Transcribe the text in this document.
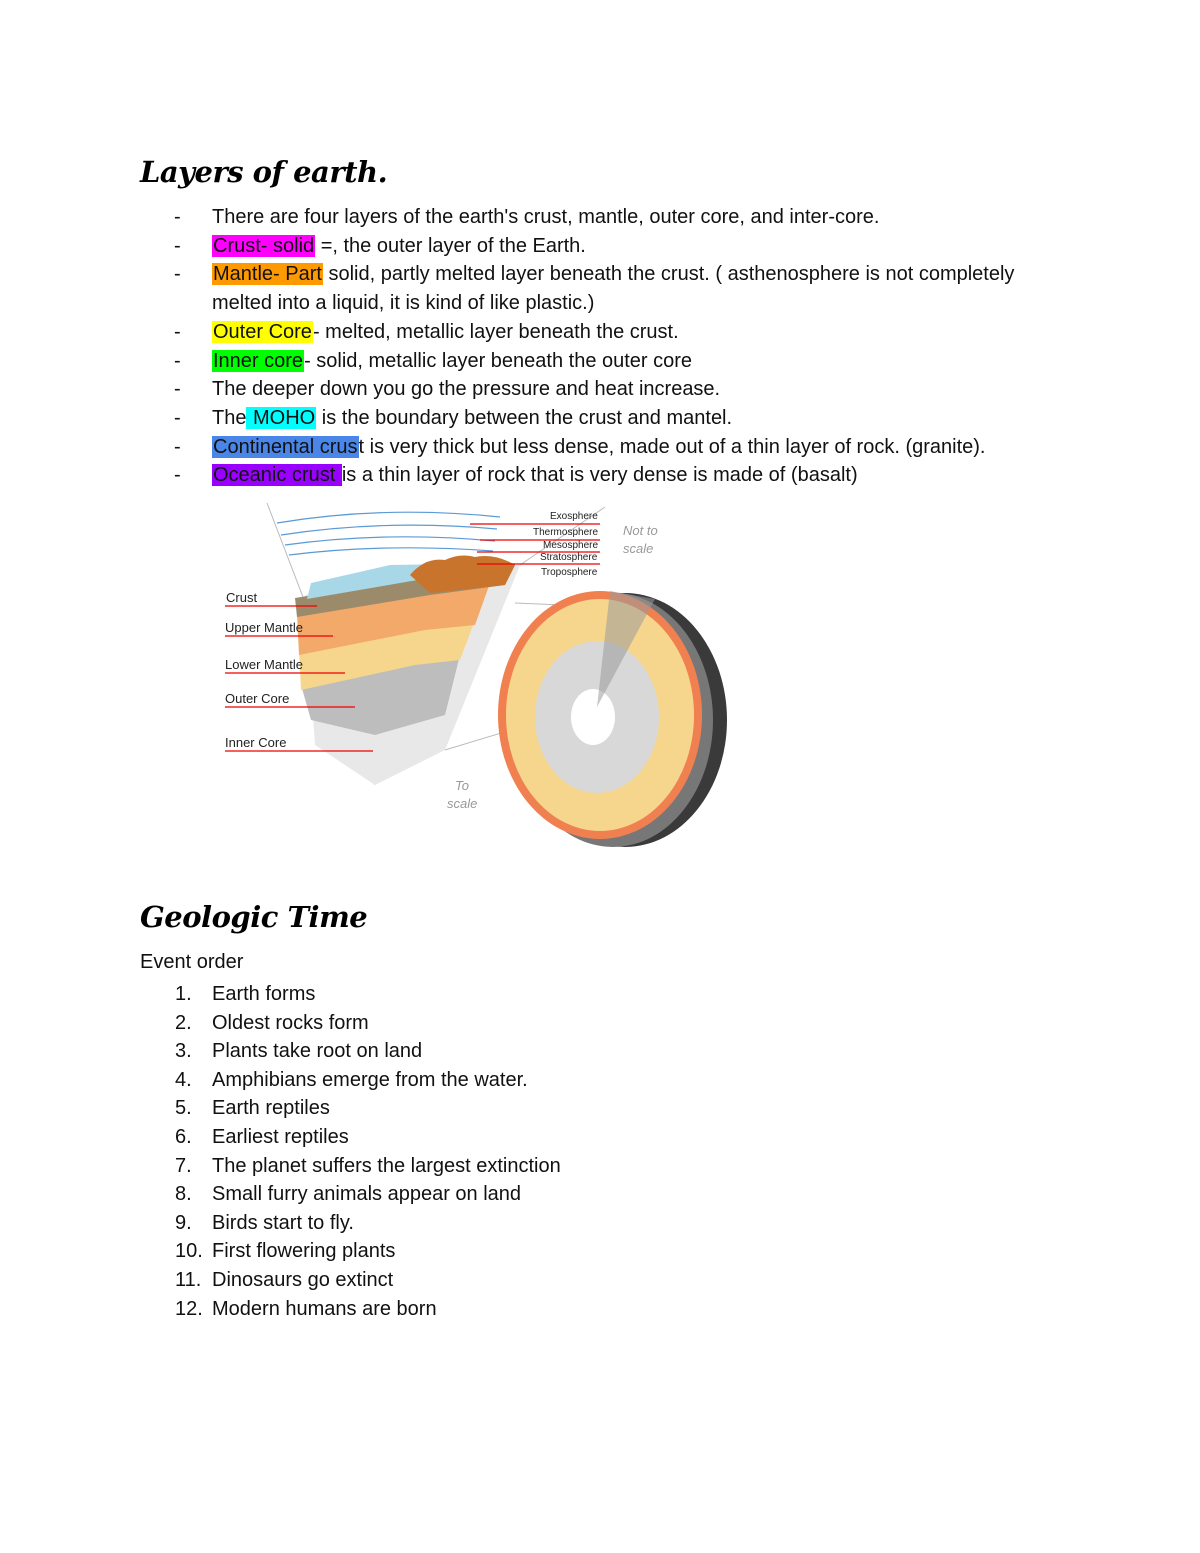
Layers of earth.
- There are four layers of the earth's crust, mantle, outer core, and inter-core.
- Crust- solid =, the outer layer of the Earth.
- Mantle- Part solid, partly melted layer beneath the crust. ( asthenosphere is not completely melted into a liquid, it is kind of like plastic.)
- Outer Core- melted, metallic layer beneath the crust.
- Inner core- solid, metallic layer beneath the outer core
- The deeper down you go the pressure and heat increase.
- The MOHO is the boundary between the crust and mantel.
- Continental crust is very thick but less dense, made out of a thin layer of rock. (granite).
- Oceanic crust is a thin layer of rock that is very dense is made of (basalt)
Exosphere
Thermosphere
Mesosphere
Stratosphere
Troposphere
Not to
scale
To
scale
Crust
Upper Mantle
Lower Mantle
Outer Core
Inner Core
Geologic Time
Event order
1. Earth forms
2. Oldest rocks form
3. Plants take root on land
4. Amphibians emerge from the water.
5. Earth reptiles
6. Earliest reptiles
7. The planet suffers the largest extinction
8. Small furry animals appear on land
9. Birds start to fly.
10. First flowering plants
11. Dinosaurs go extinct
12. Modern humans are born
